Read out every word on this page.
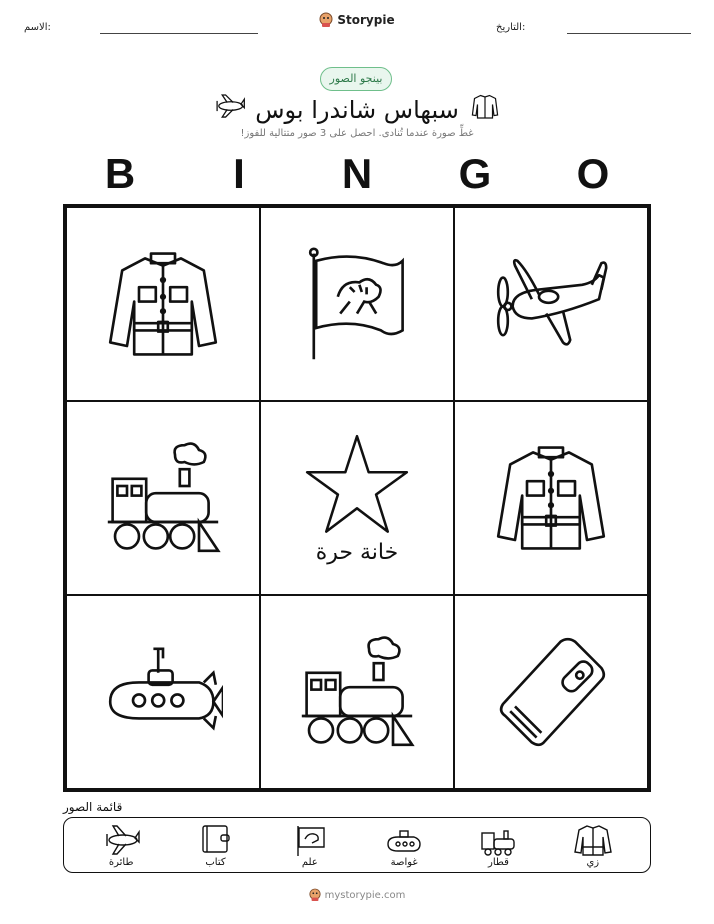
الاسم:	التاريخ:
Storypie
بينجو الصور
سبهاس شاندرا بوس
غطِّ صورة عندما تُنادى. احصل على 3 صور متتالية للفوز!
B	I	N G O
خانة حرة
قائمة الصور
طائرة	كتاب	علم	غواصة	قطار	زي
mystorypie.com
